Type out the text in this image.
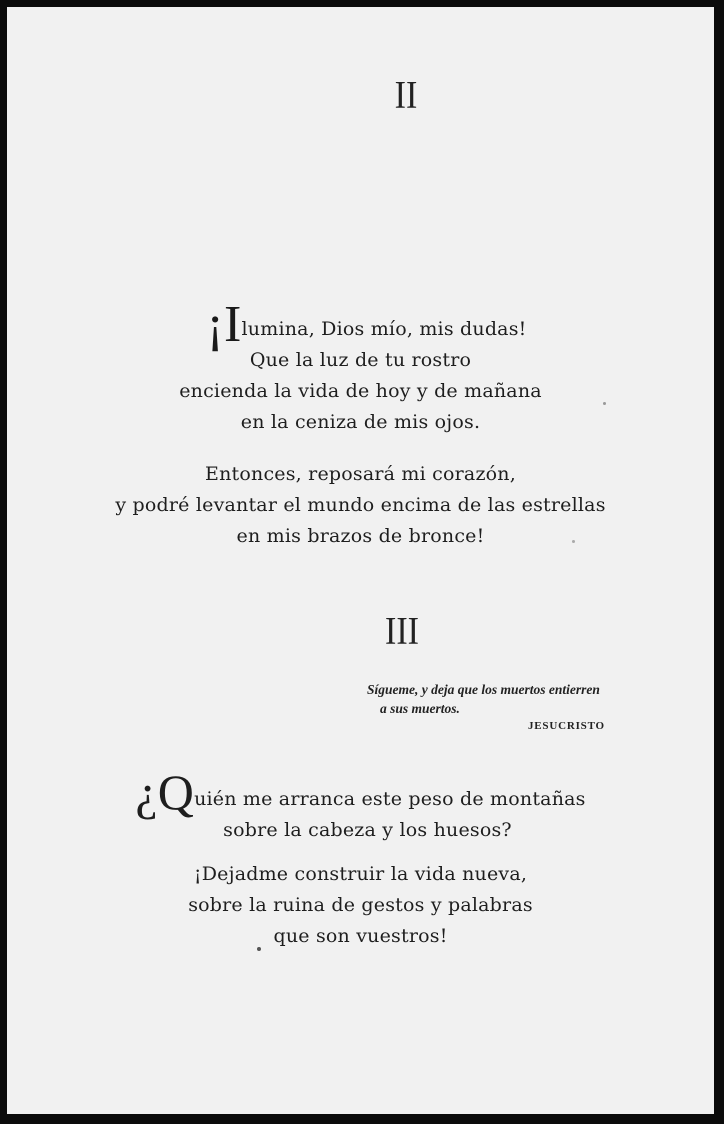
II
¡Ilumina, Dios mío, mis dudas!
Que la luz de tu rostro
encienda la vida de hoy y de mañana
en la ceniza de mis ojos.
Entonces, reposará mi corazón,
y podré levantar el mundo encima de las estrellas
en mis brazos de bronce!
III
Sígueme, y deja que los muertos entierren
a sus muertos.
JESUCRISTO
¿Quién me arranca este peso de montañas
sobre la cabeza y los huesos?
¡Dejadme construir la vida nueva,
sobre la ruina de gestos y palabras
que son vuestros!
